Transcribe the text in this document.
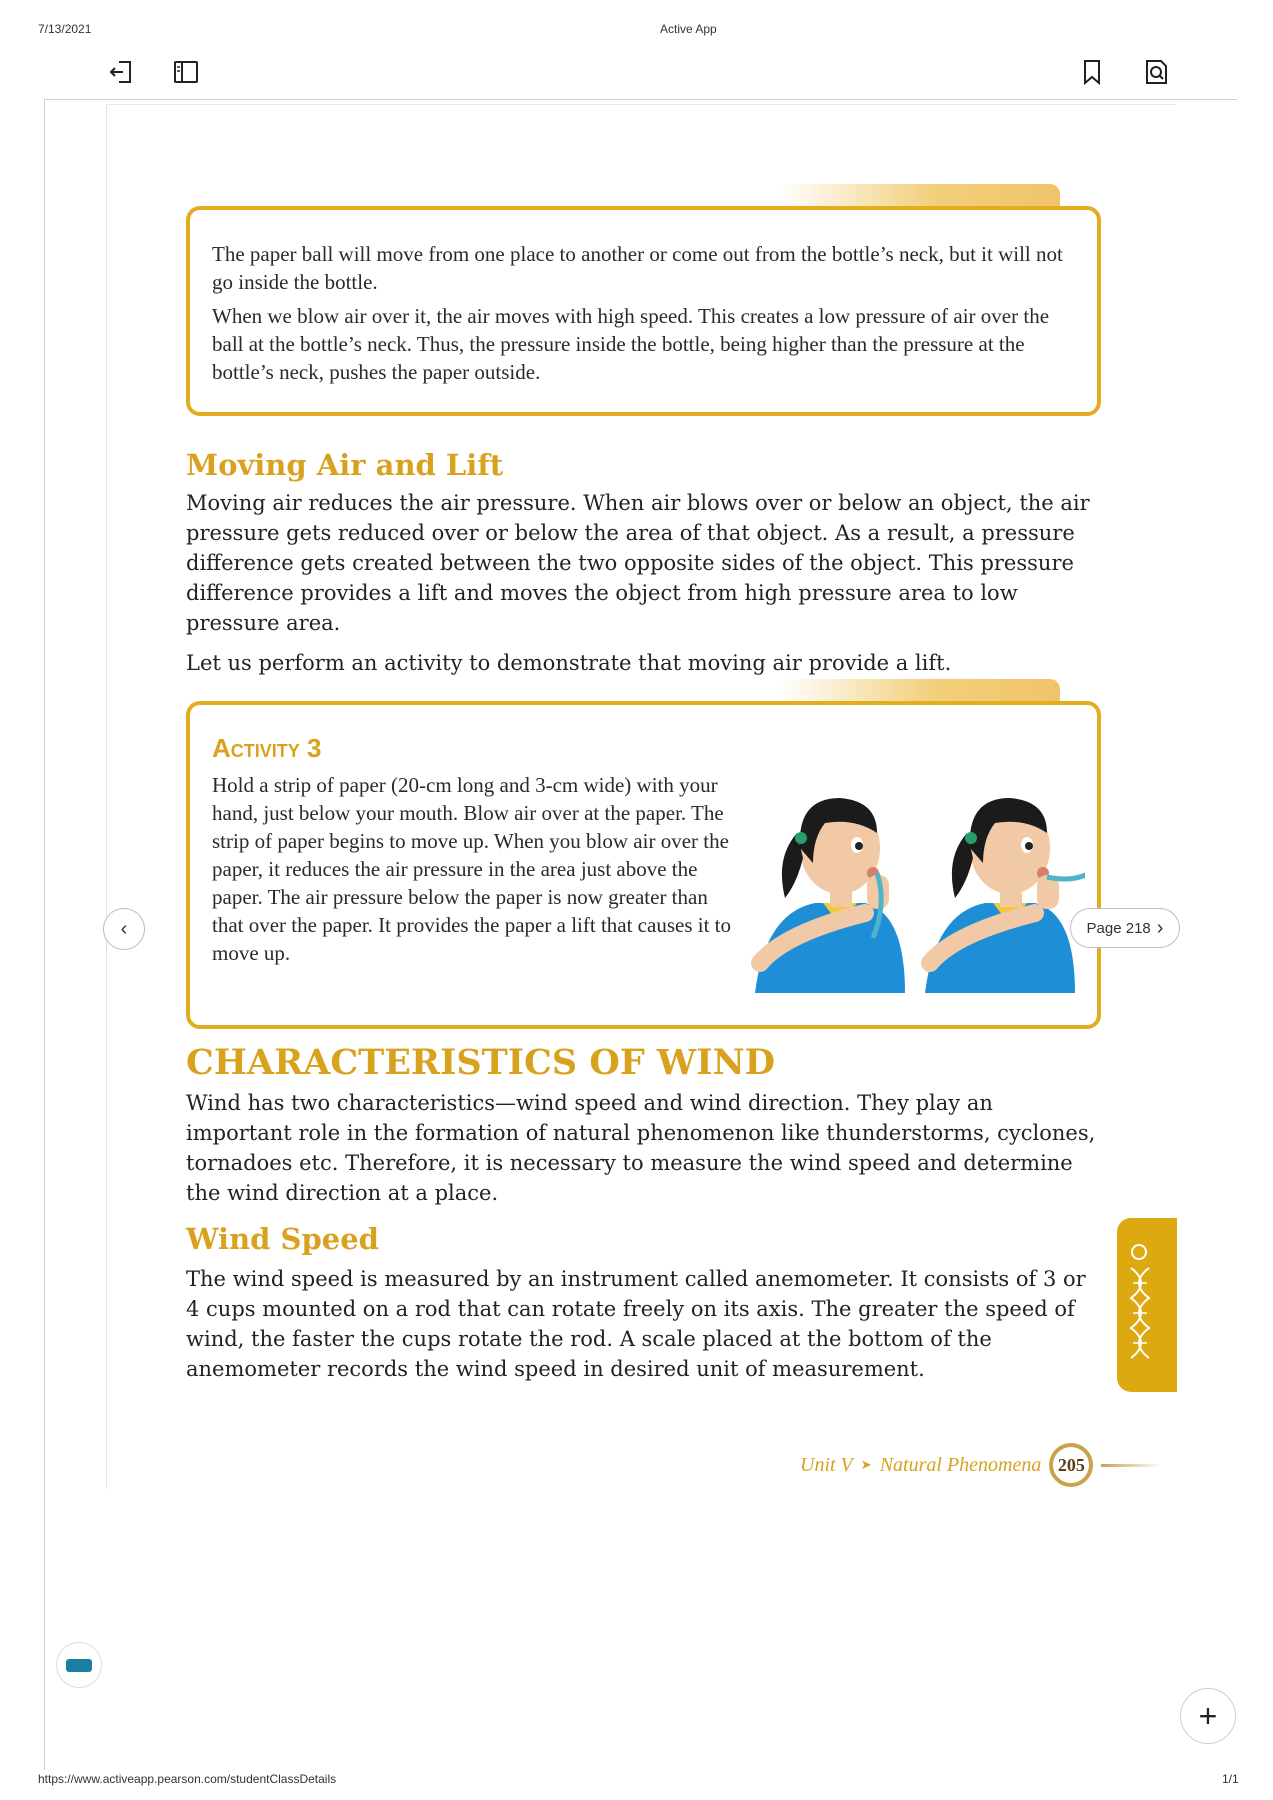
7/13/2021	Active App

The paper ball will move from one place to another or come out from the bottle’s neck, but it will not go inside the bottle.

When we blow air over it, the air moves with high speed. This creates a low pressure of air over the ball at the bottle’s neck. Thus, the pressure inside the bottle, being higher than the pressure at the bottle’s neck, pushes the paper outside.

Moving Air and Lift

Moving air reduces the air pressure. When air blows over or below an object, the air pressure gets reduced over or below the area of that object. As a result, a pressure difference gets created between the two opposite sides of the object. This pressure difference provides a lift and moves the object from high pressure area to low pressure area.

Let us perform an activity to demonstrate that moving air provide a lift.

Activity 3
Hold a strip of paper (20-cm long and 3-cm wide) with your hand, just below your mouth. Blow air over at the paper. The strip of paper begins to move up. When you blow air over the paper, it reduces the air pressure in the area just above the paper. The air pressure below the paper is now greater than that over the paper. It provides the paper a lift that causes it to move up.
CHARACTERISTICS OF WIND

Wind has two characteristics—wind speed and wind direction. They play an important role in the formation of natural phenomenon like thunderstorms, cyclones, tornadoes etc. Therefore, it is necessary to measure the wind speed and determine the wind direction at a place.

Wind Speed

The wind speed is measured by an instrument called anemometer. It consists of 3 or 4 cups mounted on a rod that can rotate freely on its axis. The greater the speed of wind, the faster the cups rotate the rod. A scale placed at the bottom of the anemometer records the wind speed in desired unit of measurement.

Unit V ➤ Natural Phenomena 205
‹	Page 218 ›
+
https://www.activeapp.pearson.com/studentClassDetails	1/1
